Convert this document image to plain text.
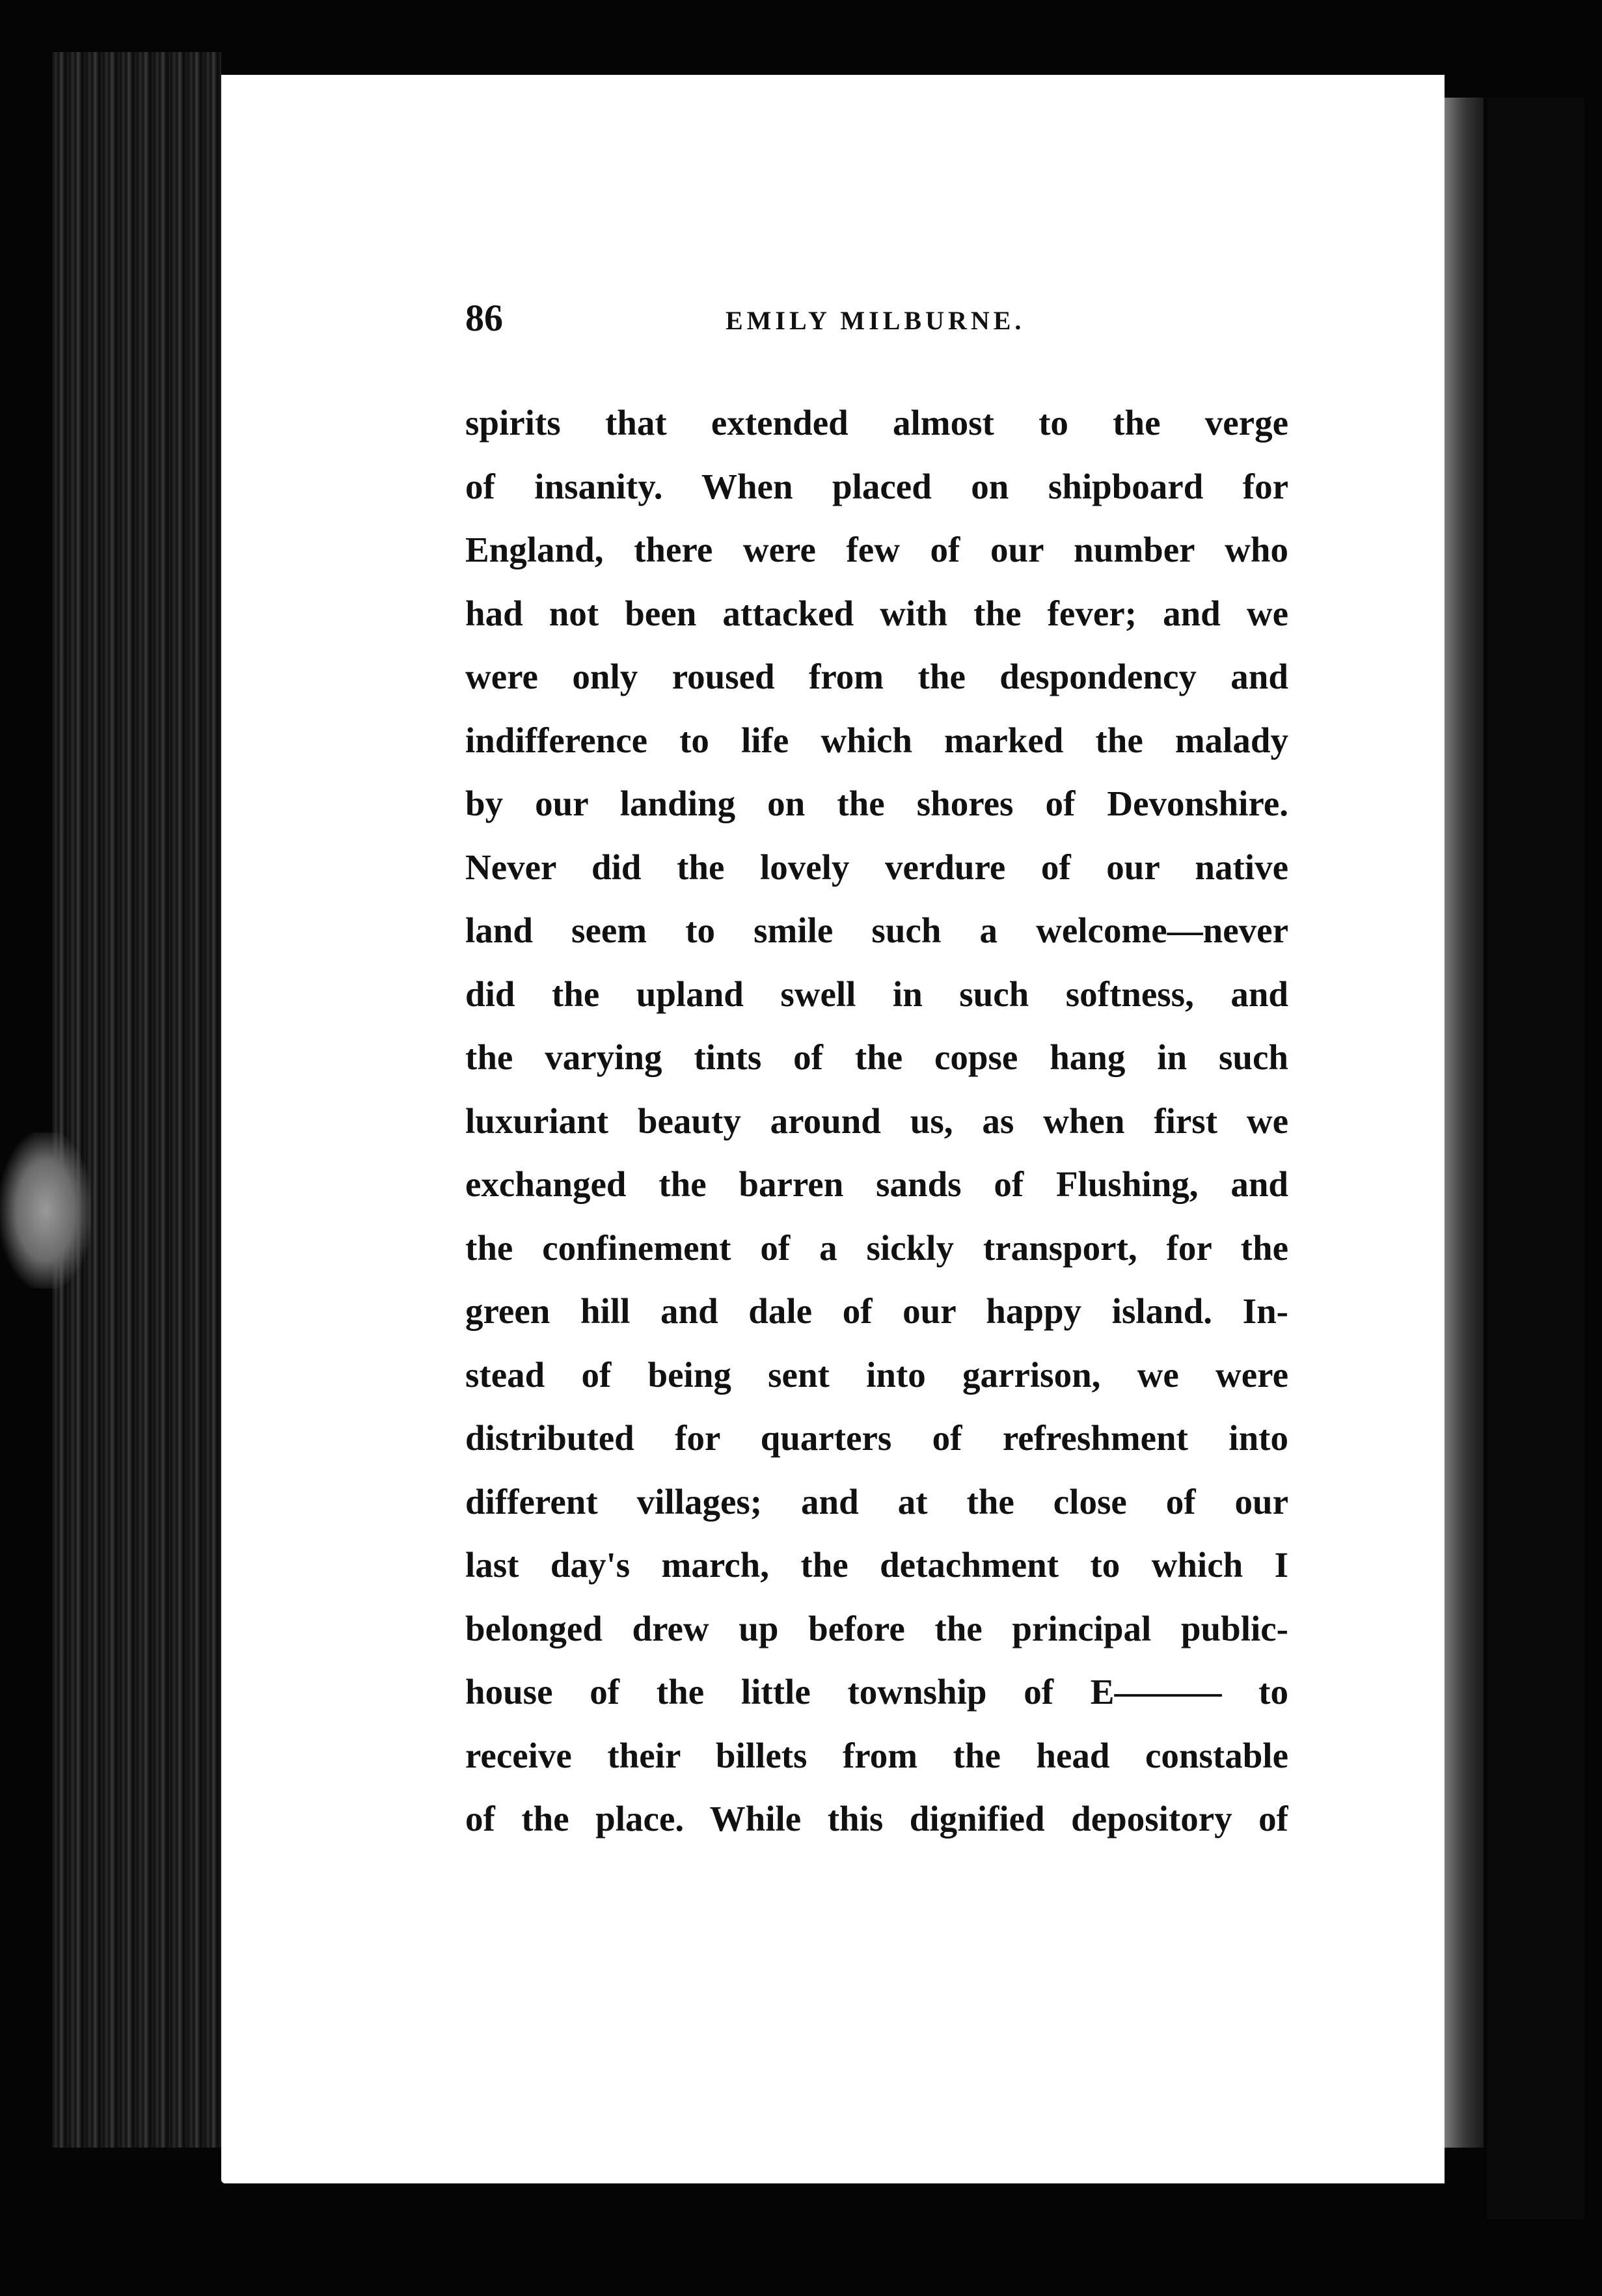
86	EMILY MILBURNE.
spirits that extended almost to the verge
of insanity. When placed on shipboard for
England, there were few of our number who
had not been attacked with the fever; and we
were only roused from the despondency and
indifference to life which marked the malady
by our landing on the shores of Devonshire.
Never did the lovely verdure of our native
land seem to smile such a welcome—never
did the upland swell in such softness, and
the varying tints of the copse hang in such
luxuriant beauty around us, as when first we
exchanged the barren sands of Flushing, and
the confinement of a sickly transport, for the
green hill and dale of our happy island. In-
stead of being sent into garrison, we were
distributed for quarters of refreshment into
different villages; and at the close of our
last day's march, the detachment to which I
belonged drew up before the principal public-
house of the little township of E——— to
receive their billets from the head constable
of the place. While this dignified depository of
